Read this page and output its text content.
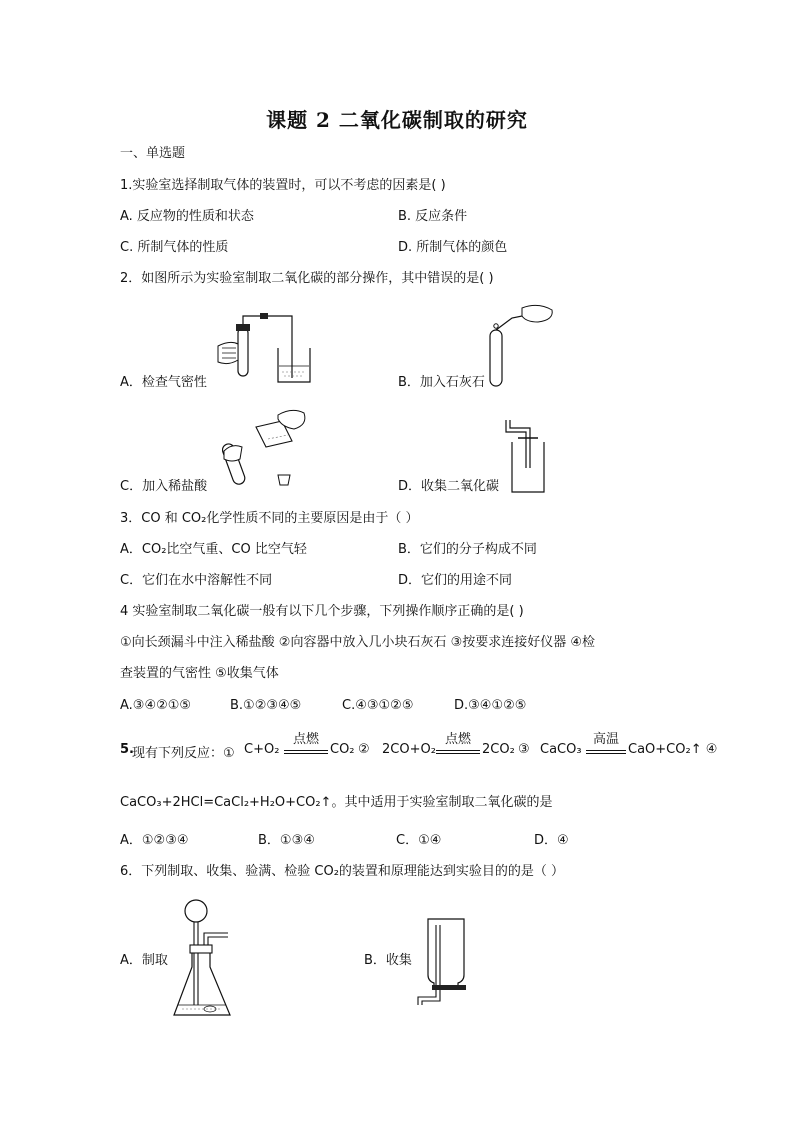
课题 2 二氧化碳制取的研究
一、单选题
1.实验室选择制取气体的装置时，可以不考虑的因素是( )
A. 反应物的性质和状态	B. 反应条件
C. 所制气体的性质	D. 所制气体的颜色
2．如图所示为实验室制取二氧化碳的部分操作，其中错误的是( )
A．检查气密性	B．加入石灰石
C．加入稀盐酸	D．收集二氧化碳
3．CO 和 CO₂化学性质不同的主要原因是由于（ ）
A．CO₂比空气重、CO 比空气轻	B．它们的分子构成不同
C．它们在水中溶解性不同	D．它们的用途不同
4 实验室制取二氧化碳一般有以下几个步骤，下列操作顺序正确的是( )
①向长颈漏斗中注入稀盐酸 ②向容器中放入几小块石灰石 ③按要求连接好仪器 ④检
查装置的气密性 ⑤收集气体
A.③④②①⑤	B.①②③④⑤	C.④③①②⑤	D.③④①②⑤
5.
现有下列反应：① C+O₂
点燃
CO₂ ② 2CO+O₂
点燃
2CO₂ ③ CaCO₃
高温
CaO+CO₂↑ ④
CaCO₃+2HCl=CaCl₂+H₂O+CO₂↑。其中适用于实验室制取二氧化碳的是
A．①②③④	B．①③④	C．①④	D．④
6．下列制取、收集、验满、检验 CO₂的装置和原理能达到实验目的的是（ ）
A．制取	B．收集
